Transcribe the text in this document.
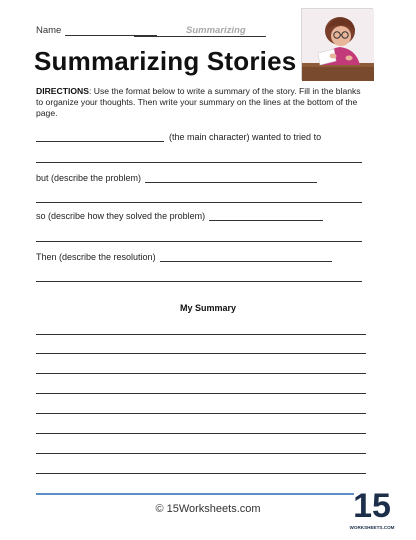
Name	Summarizing
Summarizing Stories
DIRECTIONS: Use the format below to write a summary of the story. Fill in the blanks to organize your thoughts. Then write your summary on the lines at the bottom of the page.
(the main character) wanted to tried to
but (describe the problem)
so (describe how they solved the problem)
Then (describe the resolution)
My Summary
© 15Worksheets.com	15
WORKSHEETS.COM
